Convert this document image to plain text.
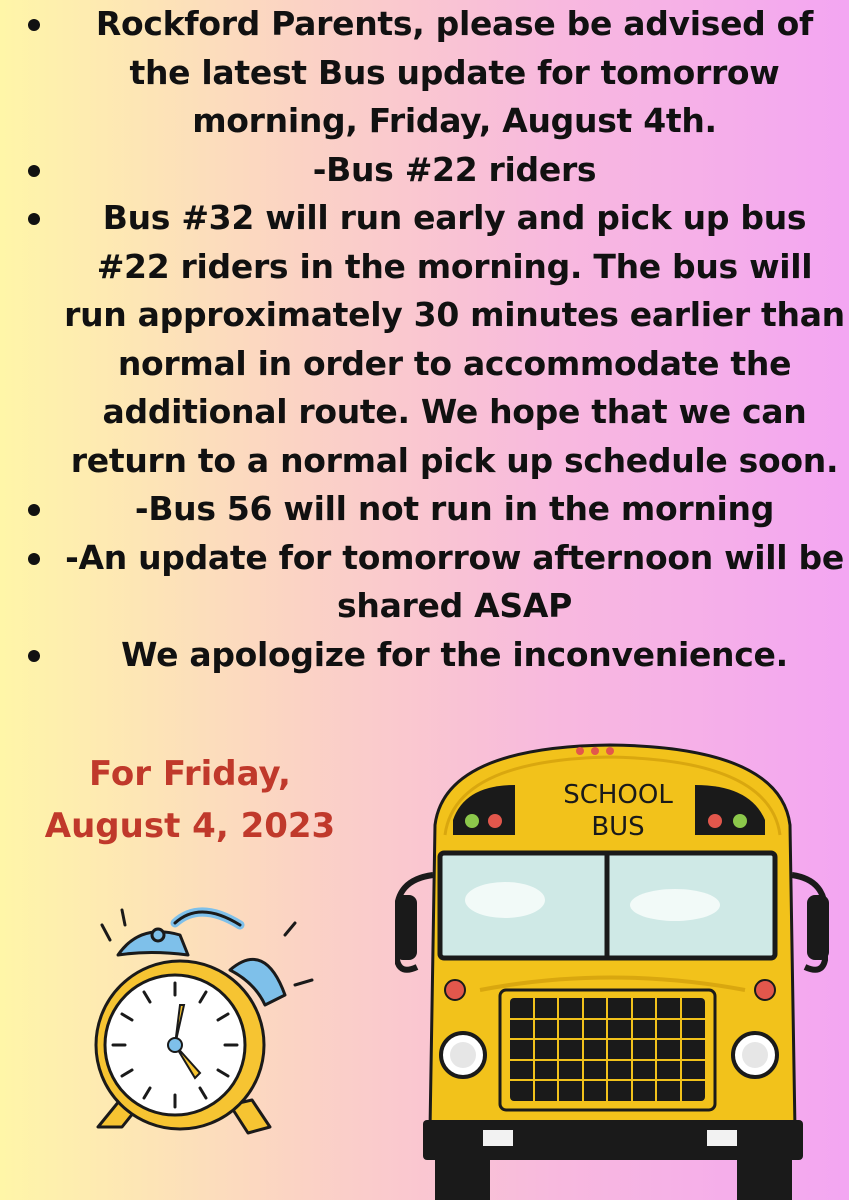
Rockford Parents, please be advised of the latest Bus update for tomorrow morning, Friday, August 4th.
-Bus #22 riders
Bus #32 will run early and pick up bus #22 riders in the morning. The bus will run approximately 30 minutes earlier than normal in order to accommodate the additional route. We hope that we can return to a normal pick up schedule soon.
-Bus 56 will not run in the morning
-An update for tomorrow afternoon will be shared ASAP
We apologize for the inconvenience.
For Friday,
August 4, 2023
SCHOOL
BUS
